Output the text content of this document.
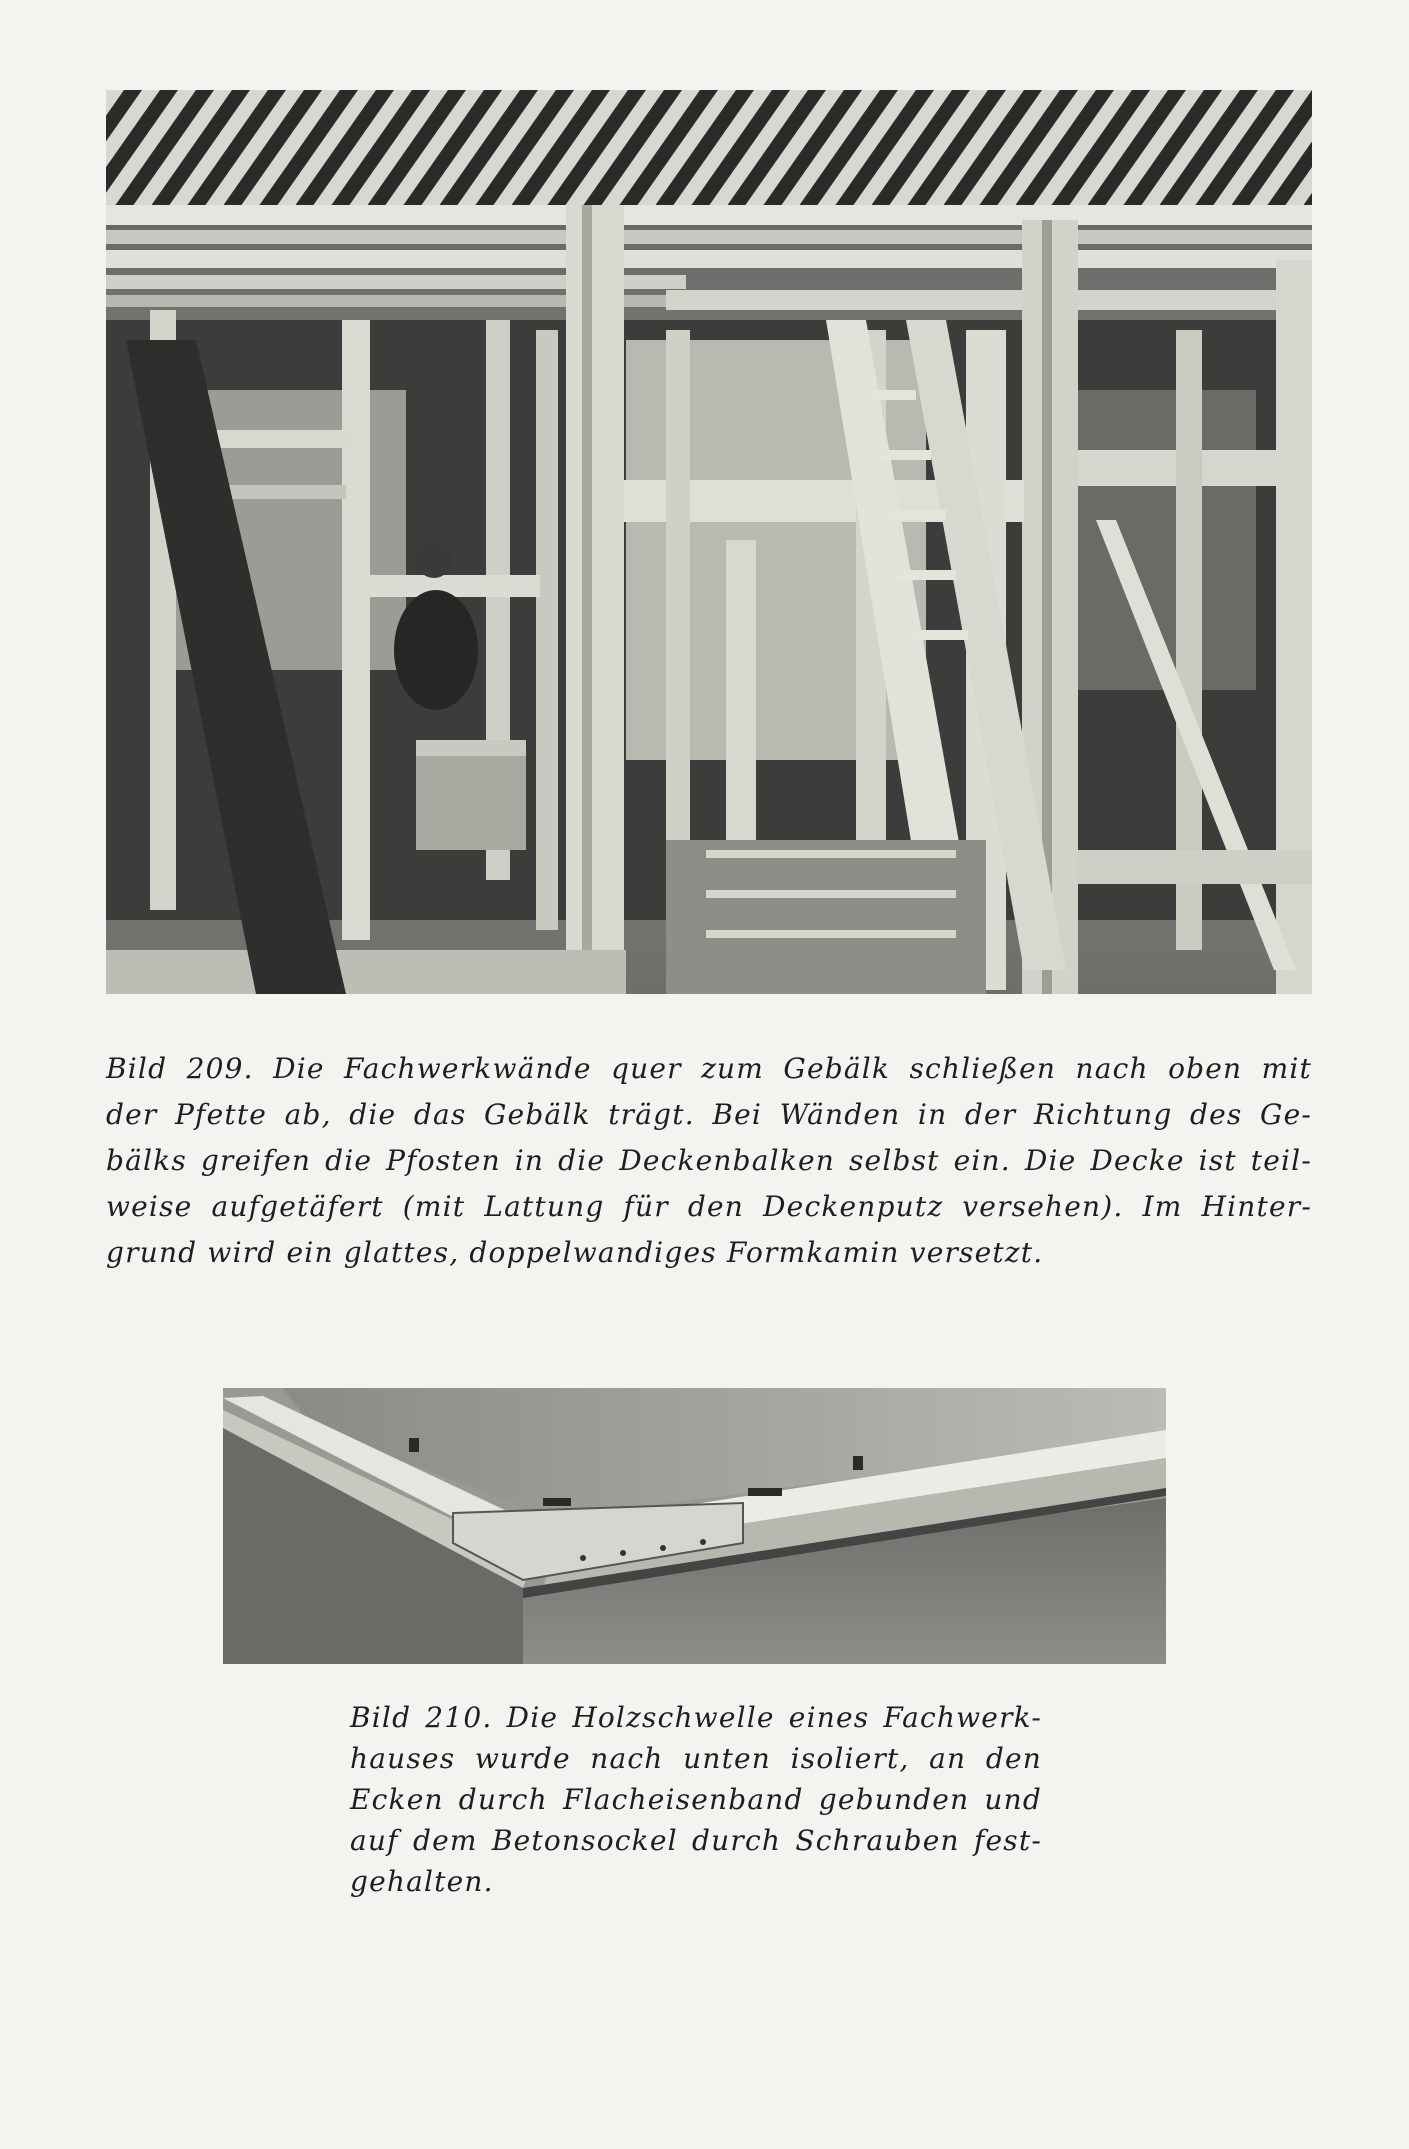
Bild 209. Die Fachwerkwände quer zum Gebälk schließen nach oben mit
der Pfette ab, die das Gebälk trägt. Bei Wänden in der Richtung des Ge-
bälks greifen die Pfosten in die Deckenbalken selbst ein. Die Decke ist teil-
weise aufgetäfert (mit Lattung für den Deckenputz versehen). Im Hinter-
grund wird ein glattes, doppelwandiges Formkamin versetzt.

Bild 210. Die Holzschwelle eines Fachwerk-
hauses wurde nach unten isoliert, an den
Ecken durch Flacheisenband gebunden und
auf dem Betonsockel durch Schrauben fest-
gehalten.
